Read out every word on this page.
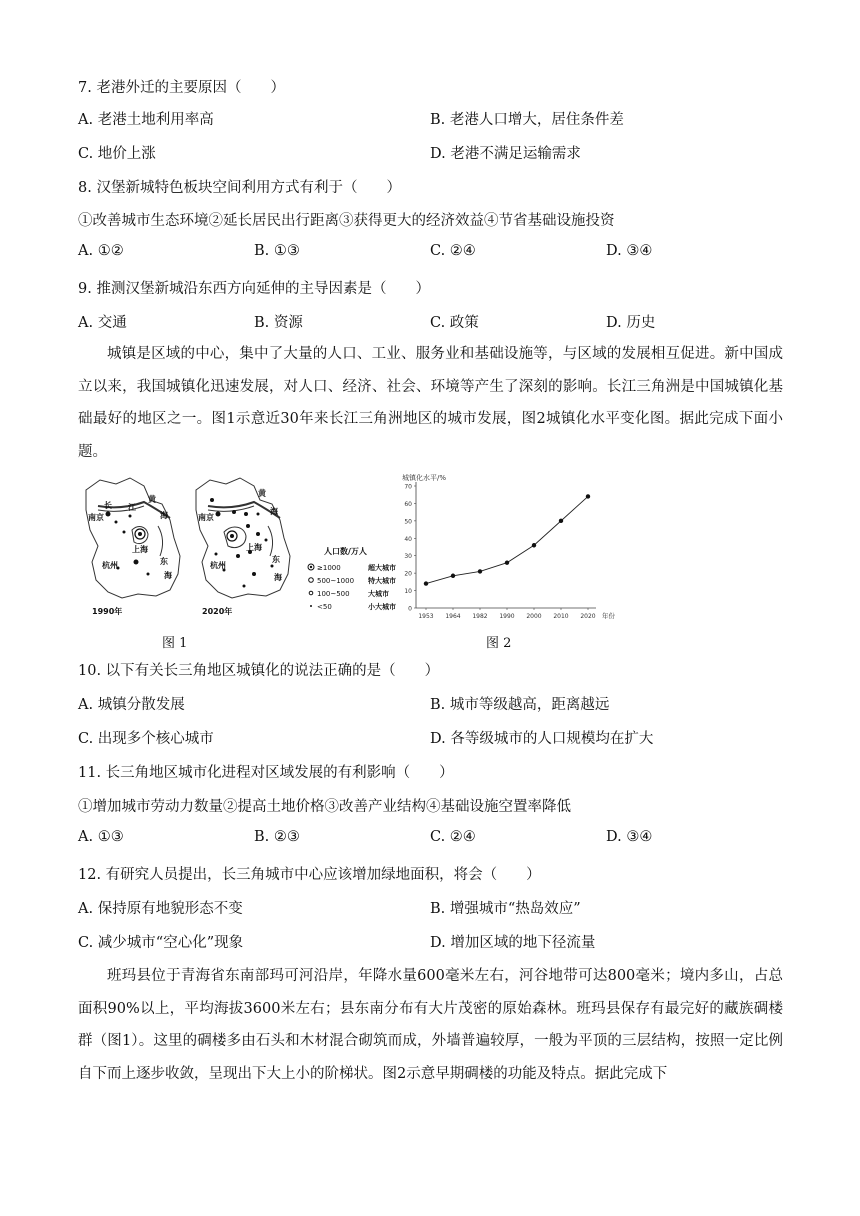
7. 老港外迁的主要原因（　　）
A. 老港土地利用率高	B. 老港人口增大，居住条件差
C. 地价上涨	D. 老港不满足运输需求
8. 汉堡新城特色板块空间利用方式有利于（　　）
①改善城市生态环境②延长居民出行距离③获得更大的经济效益④节省基础设施投资
A. ①②	B. ①③	C. ②④	D. ③④
9. 推测汉堡新城沿东西方向延伸的主导因素是（　　）
A. 交通	B. 资源	C. 政策	D. 历史

城镇是区域的中心，集中了大量的人口、工业、服务业和基础设施等，与区域的发展相互促进。新中国成立以来，我国城镇化迅速发展，对人口、经济、社会、环境等产生了深刻的影响。长江三角洲是中国城镇化基础最好的地区之一。图1示意近30年来长江三角洲地区的城市发展，图2城镇化水平变化图。据此完成下面小题。

黄
海
长 江
南京
上海
东
杭州
海
黄
海
南京
上海
东
杭州
海
1990年	2020年
人口数/万人
≥1000	超大城市
500~1000 特大城市
100~500	大城市
<50	小大城市
图 1
城镇化水平/%
年份
0
10
20
30
40
50
60
70
1953 1964 1982 1990 2000 2010 2020
图 2
10. 以下有关长三角地区城镇化的说法正确的是（　　）
A. 城镇分散发展	B. 城市等级越高，距离越远
C. 出现多个核心城市	D. 各等级城市的人口规模均在扩大
11. 长三角地区城市化进程对区域发展的有利影响（　　）
①增加城市劳动力数量②提高土地价格③改善产业结构④基础设施空置率降低
A. ①③	B. ②③	C. ②④	D. ③④
12. 有研究人员提出，长三角城市中心应该增加绿地面积，将会（　　）
A. 保持原有地貌形态不变	B. 增强城市“热岛效应”
C. 减少城市“空心化”现象	D. 增加区域的地下径流量

班玛县位于青海省东南部玛可河沿岸，年降水量600毫米左右，河谷地带可达800毫米；境内多山，占总面积90%以上，平均海拔3600米左右；县东南分布有大片茂密的原始森林。班玛县保存有最完好的藏族碉楼群（图1）。这里的碉楼多由石头和木材混合砌筑而成，外墙普遍较厚，一般为平顶的三层结构，按照一定比例自下而上逐步收敛，呈现出下大上小的阶梯状。图2示意早期碉楼的功能及特点。据此完成下
